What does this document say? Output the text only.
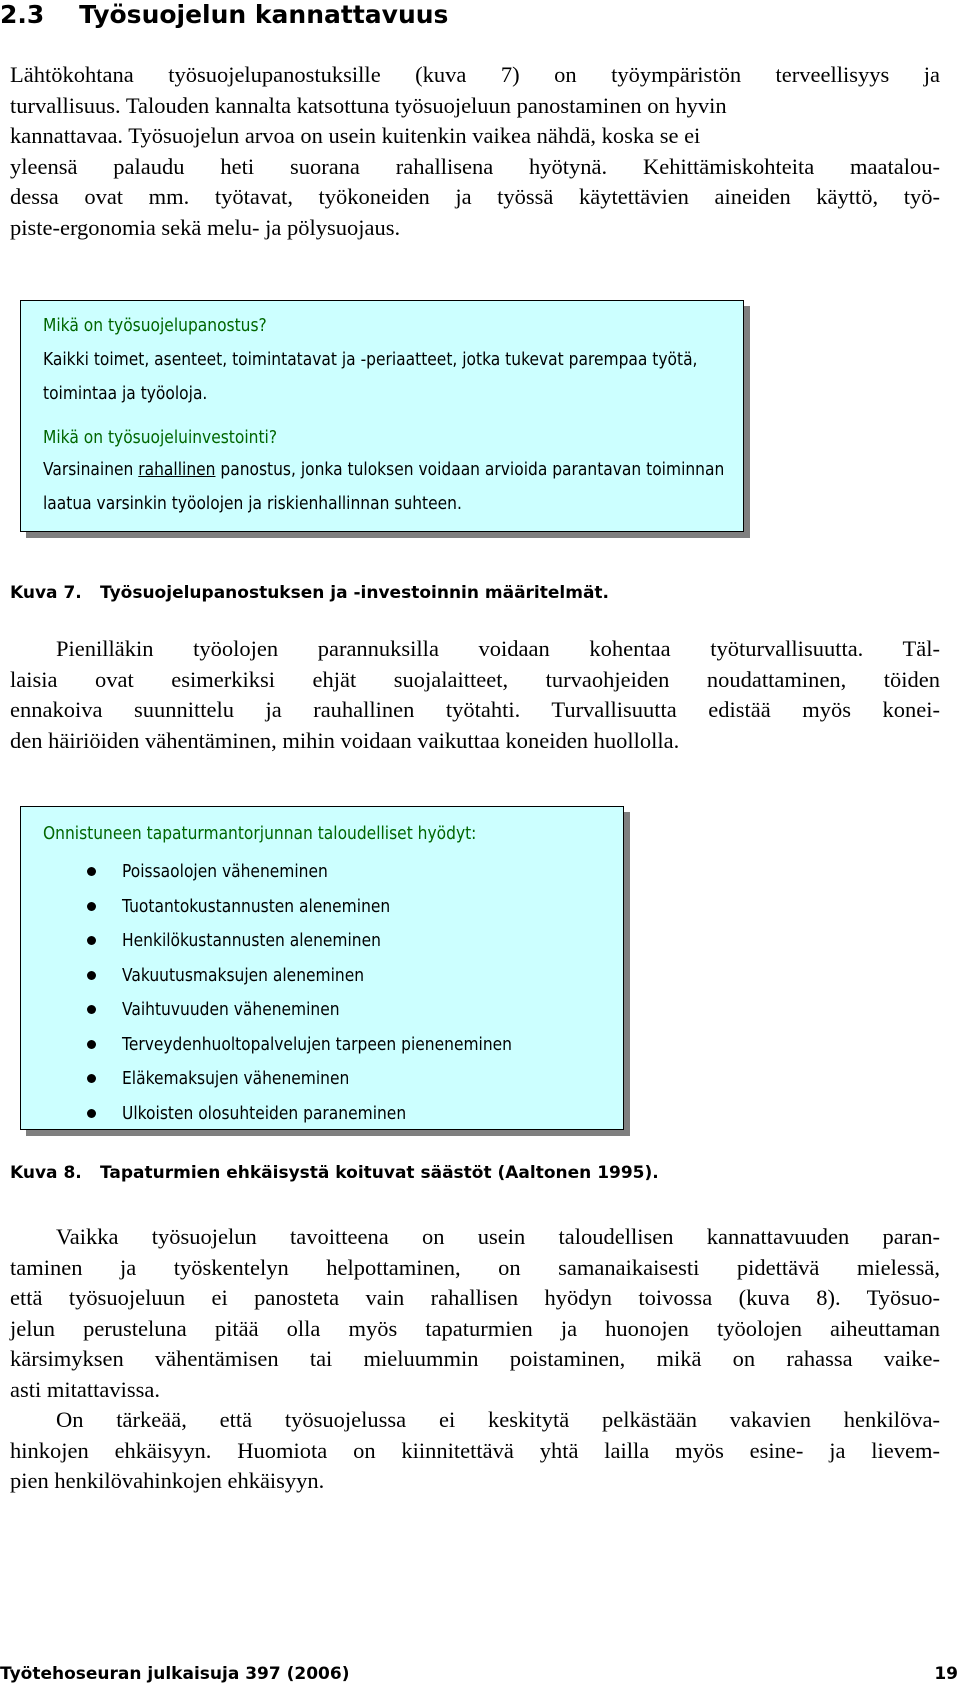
2.3 Työsuojelun kannattavuus
Lähtökohtana työsuojelupanostuksille (kuva 7) on työympäristön terveellisyys ja
turvallisuus. Talouden kannalta katsottuna työsuojeluun panostaminen on hyvin
kannattavaa. Työsuojelun arvoa on usein kuitenkin vaikea nähdä, koska se ei
yleensä palaudu heti suorana rahallisena hyötynä. Kehittämiskohteita maatalou-
dessa ovat mm. työtavat, työkoneiden ja työssä käytettävien aineiden käyttö, työ-
piste-ergonomia sekä melu- ja pölysuojaus.
Mikä on työsuojelupanostus?
Kaikki toimet, asenteet, toimintatavat ja -periaatteet, jotka tukevat parempaa työtä,
toimintaa ja työoloja.
Mikä on työsuojeluinvestointi?
Varsinainen rahallinen panostus, jonka tuloksen voidaan arvioida parantavan toiminnan
laatua varsinkin työolojen ja riskienhallinnan suhteen.
Kuva 7. Työsuojelupanostuksen ja -investoinnin määritelmät.
Pienilläkin työolojen parannuksilla voidaan kohentaa työturvallisuutta. Täl-
laisia ovat esimerkiksi ehjät suojalaitteet, turvaohjeiden noudattaminen, töiden
ennakoiva suunnittelu ja rauhallinen työtahti. Turvallisuutta edistää myös konei-
den häiriöiden vähentäminen, mihin voidaan vaikuttaa koneiden huollolla.
Onnistuneen tapaturmantorjunnan taloudelliset hyödyt:
Poissaolojen väheneminen
Tuotantokustannusten aleneminen
Henkilökustannusten aleneminen
Vakuutusmaksujen aleneminen
Vaihtuvuuden väheneminen
Terveydenhuoltopalvelujen tarpeen pieneneminen
Eläkemaksujen väheneminen
Ulkoisten olosuhteiden paraneminen
Kuva 8. Tapaturmien ehkäisystä koituvat säästöt (Aaltonen 1995).
Vaikka työsuojelun tavoitteena on usein taloudellisen kannattavuuden paran-
taminen ja työskentelyn helpottaminen, on samanaikaisesti pidettävä mielessä,
että työsuojeluun ei panosteta vain rahallisen hyödyn toivossa (kuva 8). Työsuo-
jelun perusteluna pitää olla myös tapaturmien ja huonojen työolojen aiheuttaman
kärsimyksen vähentämisen tai mieluummin poistaminen, mikä on rahassa vaike-
asti mitattavissa.
On tärkeää, että työsuojelussa ei keskitytä pelkästään vakavien henkilöva-
hinkojen ehkäisyyn. Huomiota on kiinnitettävä yhtä lailla myös esine- ja lievem-
pien henkilövahinkojen ehkäisyyn.
Työtehoseuran julkaisuja 397 (2006)	19
